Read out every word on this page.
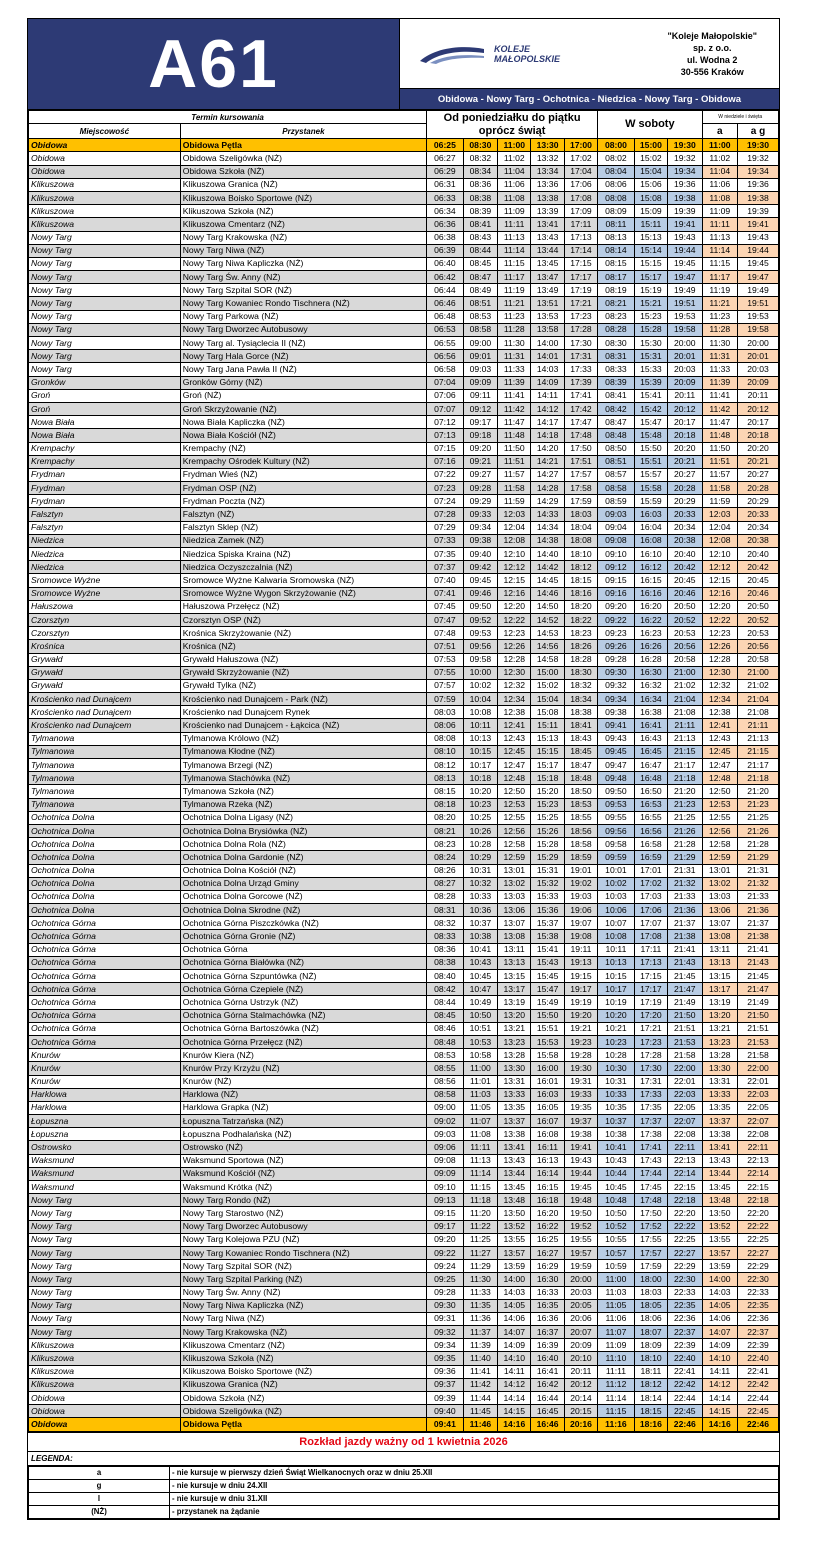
A61	KOLEJE
MAŁOPOLSKIE
"Koleje Małopolskie"
sp. z o.o.
ul. Wodna 2
30-556 Kraków
Obidowa - Nowy Targ - Ochotnica - Niedzica - Nowy Targ - Obidowa
Termin kursowania		Od poniedziałku do piątku oprócz świąt					W soboty			W niedziele i święta	
Miejscowość	Przystanek									a	a g
Obidowa	Obidowa Pętla	06:25	08:30	11:00	13:30	17:00	08:00	15:00	19:30	11:00	19:30
Obidowa	Obidowa Szeligówka (NŻ)	06:27	08:32	11:02	13:32	17:02	08:02	15:02	19:32	11:02	19:32
Obidowa	Obidowa Szkoła (NŻ)	06:29	08:34	11:04	13:34	17:04	08:04	15:04	19:34	11:04	19:34
Klikuszowa	Klikuszowa Granica (NŻ)	06:31	08:36	11:06	13:36	17:06	08:06	15:06	19:36	11:06	19:36
Klikuszowa	Klikuszowa Boisko Sportowe (NŻ)	06:33	08:38	11:08	13:38	17:08	08:08	15:08	19:38	11:08	19:38
Klikuszowa	Klikuszowa Szkoła (NŻ)	06:34	08:39	11:09	13:39	17:09	08:09	15:09	19:39	11:09	19:39
Klikuszowa	Klikuszowa Cmentarz (NŻ)	06:36	08:41	11:11	13:41	17:11	08:11	15:11	19:41	11:11	19:41
Nowy Targ	Nowy Targ Krakowska (NŻ)	06:38	08:43	11:13	13:43	17:13	08:13	15:13	19:43	11:13	19:43
Nowy Targ	Nowy Targ Niwa (NŻ)	06:39	08:44	11:14	13:44	17:14	08:14	15:14	19:44	11:14	19:44
Nowy Targ	Nowy Targ Niwa Kapliczka (NŻ)	06:40	08:45	11:15	13:45	17:15	08:15	15:15	19:45	11:15	19:45
Nowy Targ	Nowy Targ Św. Anny (NŻ)	06:42	08:47	11:17	13:47	17:17	08:17	15:17	19:47	11:17	19:47
Nowy Targ	Nowy Targ Szpital SOR (NŻ)	06:44	08:49	11:19	13:49	17:19	08:19	15:19	19:49	11:19	19:49
Nowy Targ	Nowy Targ Kowaniec Rondo Tischnera (NŻ)	06:46	08:51	11:21	13:51	17:21	08:21	15:21	19:51	11:21	19:51
Nowy Targ	Nowy Targ Parkowa (NŻ)	06:48	08:53	11:23	13:53	17:23	08:23	15:23	19:53	11:23	19:53
Nowy Targ	Nowy Targ Dworzec Autobusowy	06:53	08:58	11:28	13:58	17:28	08:28	15:28	19:58	11:28	19:58
Nowy Targ	Nowy Targ al. Tysiąclecia II (NŻ)	06:55	09:00	11:30	14:00	17:30	08:30	15:30	20:00	11:30	20:00
Nowy Targ	Nowy Targ Hala Gorce (NŻ)	06:56	09:01	11:31	14:01	17:31	08:31	15:31	20:01	11:31	20:01
Nowy Targ	Nowy Targ Jana Pawła II (NŻ)	06:58	09:03	11:33	14:03	17:33	08:33	15:33	20:03	11:33	20:03
Gronków	Gronków Górny (NŻ)	07:04	09:09	11:39	14:09	17:39	08:39	15:39	20:09	11:39	20:09
Groń	Groń (NŻ)	07:06	09:11	11:41	14:11	17:41	08:41	15:41	20:11	11:41	20:11
Groń	Groń Skrzyżowanie (NŻ)	07:07	09:12	11:42	14:12	17:42	08:42	15:42	20:12	11:42	20:12
Nowa Biała	Nowa Biała Kapliczka (NŻ)	07:12	09:17	11:47	14:17	17:47	08:47	15:47	20:17	11:47	20:17
Nowa Biała	Nowa Biała Kościół (NŻ)	07:13	09:18	11:48	14:18	17:48	08:48	15:48	20:18	11:48	20:18
Krempachy	Krempachy (NŻ)	07:15	09:20	11:50	14:20	17:50	08:50	15:50	20:20	11:50	20:20
Krempachy	Krempachy Ośrodek Kultury (NŻ)	07:16	09:21	11:51	14:21	17:51	08:51	15:51	20:21	11:51	20:21
Frydman	Frydman Wieś (NŻ)	07:22	09:27	11:57	14:27	17:57	08:57	15:57	20:27	11:57	20:27
Frydman	Frydman OSP (NŻ)	07:23	09:28	11:58	14:28	17:58	08:58	15:58	20:28	11:58	20:28
Frydman	Frydman Poczta (NŻ)	07:24	09:29	11:59	14:29	17:59	08:59	15:59	20:29	11:59	20:29
Falsztyn	Falsztyn (NŻ)	07:28	09:33	12:03	14:33	18:03	09:03	16:03	20:33	12:03	20:33
Falsztyn	Falsztyn Sklep (NŻ)	07:29	09:34	12:04	14:34	18:04	09:04	16:04	20:34	12:04	20:34
Niedzica	Niedzica Zamek (NŻ)	07:33	09:38	12:08	14:38	18:08	09:08	16:08	20:38	12:08	20:38
Niedzica	Niedzica Spiska Kraina (NŻ)	07:35	09:40	12:10	14:40	18:10	09:10	16:10	20:40	12:10	20:40
Niedzica	Niedzica Oczyszczalnia (NŻ)	07:37	09:42	12:12	14:42	18:12	09:12	16:12	20:42	12:12	20:42
Sromowce Wyżne	Sromowce Wyżne Kalwaria Sromowska (NŻ)	07:40	09:45	12:15	14:45	18:15	09:15	16:15	20:45	12:15	20:45
Sromowce Wyżne	Sromowce Wyżne Wygon Skrzyżowanie (NŻ)	07:41	09:46	12:16	14:46	18:16	09:16	16:16	20:46	12:16	20:46
Hałuszowa	Hałuszowa Przełęcz (NŻ)	07:45	09:50	12:20	14:50	18:20	09:20	16:20	20:50	12:20	20:50
Czorsztyn	Czorsztyn OSP (NŻ)	07:47	09:52	12:22	14:52	18:22	09:22	16:22	20:52	12:22	20:52
Czorsztyn	Krośnica Skrzyżowanie (NŻ)	07:48	09:53	12:23	14:53	18:23	09:23	16:23	20:53	12:23	20:53
Krośnica	Krośnica (NŻ)	07:51	09:56	12:26	14:56	18:26	09:26	16:26	20:56	12:26	20:56
Grywałd	Grywałd Hałuszowa (NŻ)	07:53	09:58	12:28	14:58	18:28	09:28	16:28	20:58	12:28	20:58
Grywałd	Grywałd Skrzyżowanie (NŻ)	07:55	10:00	12:30	15:00	18:30	09:30	16:30	21:00	12:30	21:00
Grywałd	Grywałd Tylka (NŻ)	07:57	10:02	12:32	15:02	18:32	09:32	16:32	21:02	12:32	21:02
Krościenko nad Dunajcem	Krościenko nad Dunajcem - Park (NŻ)	07:59	10:04	12:34	15:04	18:34	09:34	16:34	21:04	12:34	21:04
Krościenko nad Dunajcem	Krościenko nad Dunajcem Rynek	08:03	10:08	12:38	15:08	18:38	09:38	16:38	21:08	12:38	21:08
Krościenko nad Dunajcem	Krościenko nad Dunajcem - Łąkcica (NŻ)	08:06	10:11	12:41	15:11	18:41	09:41	16:41	21:11	12:41	21:11
Tylmanowa	Tylmanowa Królowo (NŻ)	08:08	10:13	12:43	15:13	18:43	09:43	16:43	21:13	12:43	21:13
Tylmanowa	Tylmanowa Kłodne (NŻ)	08:10	10:15	12:45	15:15	18:45	09:45	16:45	21:15	12:45	21:15
Tylmanowa	Tylmanowa Brzegi (NŻ)	08:12	10:17	12:47	15:17	18:47	09:47	16:47	21:17	12:47	21:17
Tylmanowa	Tylmanowa Stachówka (NŻ)	08:13	10:18	12:48	15:18	18:48	09:48	16:48	21:18	12:48	21:18
Tylmanowa	Tylmanowa Szkoła (NŻ)	08:15	10:20	12:50	15:20	18:50	09:50	16:50	21:20	12:50	21:20
Tylmanowa	Tylmanowa Rzeka (NŻ)	08:18	10:23	12:53	15:23	18:53	09:53	16:53	21:23	12:53	21:23
Ochotnica Dolna	Ochotnica Dolna Ligasy (NŻ)	08:20	10:25	12:55	15:25	18:55	09:55	16:55	21:25	12:55	21:25
Ochotnica Dolna	Ochotnica Dolna Brysiówka (NŻ)	08:21	10:26	12:56	15:26	18:56	09:56	16:56	21:26	12:56	21:26
Ochotnica Dolna	Ochotnica Dolna Rola (NŻ)	08:23	10:28	12:58	15:28	18:58	09:58	16:58	21:28	12:58	21:28
Ochotnica Dolna	Ochotnica Dolna Gardonie (NŻ)	08:24	10:29	12:59	15:29	18:59	09:59	16:59	21:29	12:59	21:29
Ochotnica Dolna	Ochotnica Dolna Kościół (NŻ)	08:26	10:31	13:01	15:31	19:01	10:01	17:01	21:31	13:01	21:31
Ochotnica Dolna	Ochotnica Dolna Urząd Gminy	08:27	10:32	13:02	15:32	19:02	10:02	17:02	21:32	13:02	21:32
Ochotnica Dolna	Ochotnica Dolna Gorcowe (NŻ)	08:28	10:33	13:03	15:33	19:03	10:03	17:03	21:33	13:03	21:33
Ochotnica Dolna	Ochotnica Dolna Skrodne (NŻ)	08:31	10:36	13:06	15:36	19:06	10:06	17:06	21:36	13:06	21:36
Ochotnica Górna	Ochotnica Górna Piszczkówka (NŻ)	08:32	10:37	13:07	15:37	19:07	10:07	17:07	21:37	13:07	21:37
Ochotnica Górna	Ochotnica Górna Gronie (NŻ)	08:33	10:38	13:08	15:38	19:08	10:08	17:08	21:38	13:08	21:38
Ochotnica Górna	Ochotnica Górna	08:36	10:41	13:11	15:41	19:11	10:11	17:11	21:41	13:11	21:41
Ochotnica Górna	Ochotnica Górna Białówka (NŻ)	08:38	10:43	13:13	15:43	19:13	10:13	17:13	21:43	13:13	21:43
Ochotnica Górna	Ochotnica Górna Szpuntówka (NŻ)	08:40	10:45	13:15	15:45	19:15	10:15	17:15	21:45	13:15	21:45
Ochotnica Górna	Ochotnica Górna Czepiele (NŻ)	08:42	10:47	13:17	15:47	19:17	10:17	17:17	21:47	13:17	21:47
Ochotnica Górna	Ochotnica Górna Ustrzyk (NŻ)	08:44	10:49	13:19	15:49	19:19	10:19	17:19	21:49	13:19	21:49
Ochotnica Górna	Ochotnica Górna Stalmachówka (NŻ)	08:45	10:50	13:20	15:50	19:20	10:20	17:20	21:50	13:20	21:50
Ochotnica Górna	Ochotnica Górna Bartoszówka (NŻ)	08:46	10:51	13:21	15:51	19:21	10:21	17:21	21:51	13:21	21:51
Ochotnica Górna	Ochotnica Górna Przełęcz (NŻ)	08:48	10:53	13:23	15:53	19:23	10:23	17:23	21:53	13:23	21:53
Knurów	Knurów Kiera (NŻ)	08:53	10:58	13:28	15:58	19:28	10:28	17:28	21:58	13:28	21:58
Knurów	Knurów Przy Krzyżu (NŻ)	08:55	11:00	13:30	16:00	19:30	10:30	17:30	22:00	13:30	22:00
Knurów	Knurów (NŻ)	08:56	11:01	13:31	16:01	19:31	10:31	17:31	22:01	13:31	22:01
Harklowa	Harklowa (NŻ)	08:58	11:03	13:33	16:03	19:33	10:33	17:33	22:03	13:33	22:03
Harklowa	Harklowa Grapka (NŻ)	09:00	11:05	13:35	16:05	19:35	10:35	17:35	22:05	13:35	22:05
Łopuszna	Łopuszna Tatrzańska (NŻ)	09:02	11:07	13:37	16:07	19:37	10:37	17:37	22:07	13:37	22:07
Łopuszna	Łopuszna Podhalańska (NŻ)	09:03	11:08	13:38	16:08	19:38	10:38	17:38	22:08	13:38	22:08
Ostrowsko	Ostrowsko (NŻ)	09:06	11:11	13:41	16:11	19:41	10:41	17:41	22:11	13:41	22:11
Waksmund	Waksmund Sportowa (NŻ)	09:08	11:13	13:43	16:13	19:43	10:43	17:43	22:13	13:43	22:13
Waksmund	Waksmund Kościół (NŻ)	09:09	11:14	13:44	16:14	19:44	10:44	17:44	22:14	13:44	22:14
Waksmund	Waksmund Krótka (NŻ)	09:10	11:15	13:45	16:15	19:45	10:45	17:45	22:15	13:45	22:15
Nowy Targ	Nowy Targ Rondo (NŻ)	09:13	11:18	13:48	16:18	19:48	10:48	17:48	22:18	13:48	22:18
Nowy Targ	Nowy Targ Starostwo (NŻ)	09:15	11:20	13:50	16:20	19:50	10:50	17:50	22:20	13:50	22:20
Nowy Targ	Nowy Targ Dworzec Autobusowy	09:17	11:22	13:52	16:22	19:52	10:52	17:52	22:22	13:52	22:22
Nowy Targ	Nowy Targ Kolejowa PZU (NŻ)	09:20	11:25	13:55	16:25	19:55	10:55	17:55	22:25	13:55	22:25
Nowy Targ	Nowy Targ Kowaniec Rondo Tischnera (NŻ)	09:22	11:27	13:57	16:27	19:57	10:57	17:57	22:27	13:57	22:27
Nowy Targ	Nowy Targ Szpital SOR (NŻ)	09:24	11:29	13:59	16:29	19:59	10:59	17:59	22:29	13:59	22:29
Nowy Targ	Nowy Targ Szpital Parking (NŻ)	09:25	11:30	14:00	16:30	20:00	11:00	18:00	22:30	14:00	22:30
Nowy Targ	Nowy Targ Św. Anny (NŻ)	09:28	11:33	14:03	16:33	20:03	11:03	18:03	22:33	14:03	22:33
Nowy Targ	Nowy Targ Niwa Kapliczka (NŻ)	09:30	11:35	14:05	16:35	20:05	11:05	18:05	22:35	14:05	22:35
Nowy Targ	Nowy Targ Niwa (NŻ)	09:31	11:36	14:06	16:36	20:06	11:06	18:06	22:36	14:06	22:36
Nowy Targ	Nowy Targ Krakowska (NŻ)	09:32	11:37	14:07	16:37	20:07	11:07	18:07	22:37	14:07	22:37
Klikuszowa	Klikuszowa Cmentarz (NŻ)	09:34	11:39	14:09	16:39	20:09	11:09	18:09	22:39	14:09	22:39
Klikuszowa	Klikuszowa Szkoła (NŻ)	09:35	11:40	14:10	16:40	20:10	11:10	18:10	22:40	14:10	22:40
Klikuszowa	Klikuszowa Boisko Sportowe (NŻ)	09:36	11:41	14:11	16:41	20:11	11:11	18:11	22:41	14:11	22:41
Klikuszowa	Klikuszowa Granica (NŻ)	09:37	11:42	14:12	16:42	20:12	11:12	18:12	22:42	14:12	22:42
Obidowa	Obidowa Szkoła (NŻ)	09:39	11:44	14:14	16:44	20:14	11:14	18:14	22:44	14:14	22:44
Obidowa	Obidowa Szeligówka (NŻ)	09:40	11:45	14:15	16:45	20:15	11:15	18:15	22:45	14:15	22:45
Obidowa	Obidowa Pętla	09:41	11:46	14:16	16:46	20:16	11:16	18:16	22:46	14:16	22:46
Rozkład jazdy ważny od 1 kwietnia 2026
LEGENDA:
a	- nie kursuje w pierwszy dzień Świąt Wielkanocnych oraz w dniu 25.XII
g	- nie kursuje w dniu 24.XII
l	- nie kursuje w dniu 31.XII
(NŻ)	- przystanek na żądanie
